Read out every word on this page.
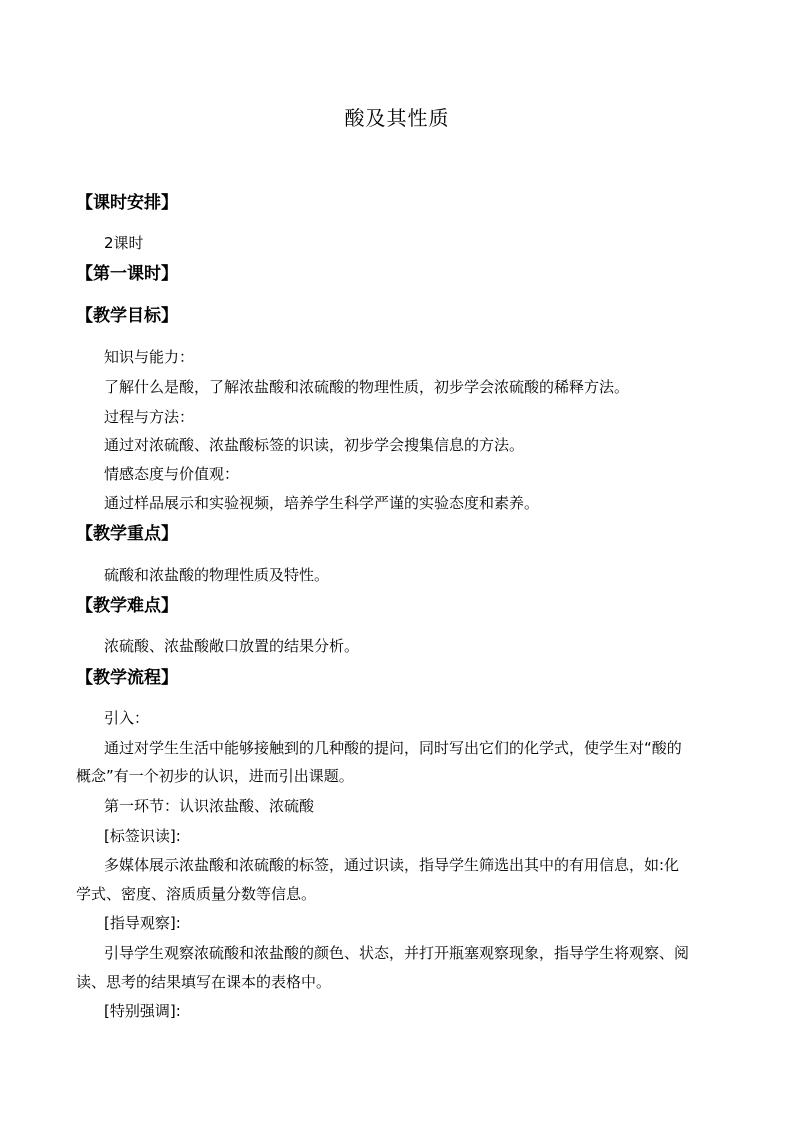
酸及其性质
【课时安排】
2课时
【第一课时】
【教学目标】
知识与能力：
了解什么是酸，了解浓盐酸和浓硫酸的物理性质，初步学会浓硫酸的稀释方法。
过程与方法：
通过对浓硫酸、浓盐酸标签的识读，初步学会搜集信息的方法。
情感态度与价值观：
通过样品展示和实验视频，培养学生科学严谨的实验态度和素养。
【教学重点】
硫酸和浓盐酸的物理性质及特性。
【教学难点】
浓硫酸、浓盐酸敞口放置的结果分析。
【教学流程】
引入：
通过对学生生活中能够接触到的几种酸的提问，同时写出它们的化学式，使学生对“酸的
概念”有一个初步的认识，进而引出课题。
第一环节：认识浓盐酸、浓硫酸
[标签识读]:
多媒体展示浓盐酸和浓硫酸的标签，通过识读，指导学生筛选出其中的有用信息，如:化
学式、密度、溶质质量分数等信息。
[指导观察]:
引导学生观察浓硫酸和浓盐酸的颜色、状态，并打开瓶塞观察现象，指导学生将观察、阅
读、思考的结果填写在课本的表格中。
[特别强调]:
